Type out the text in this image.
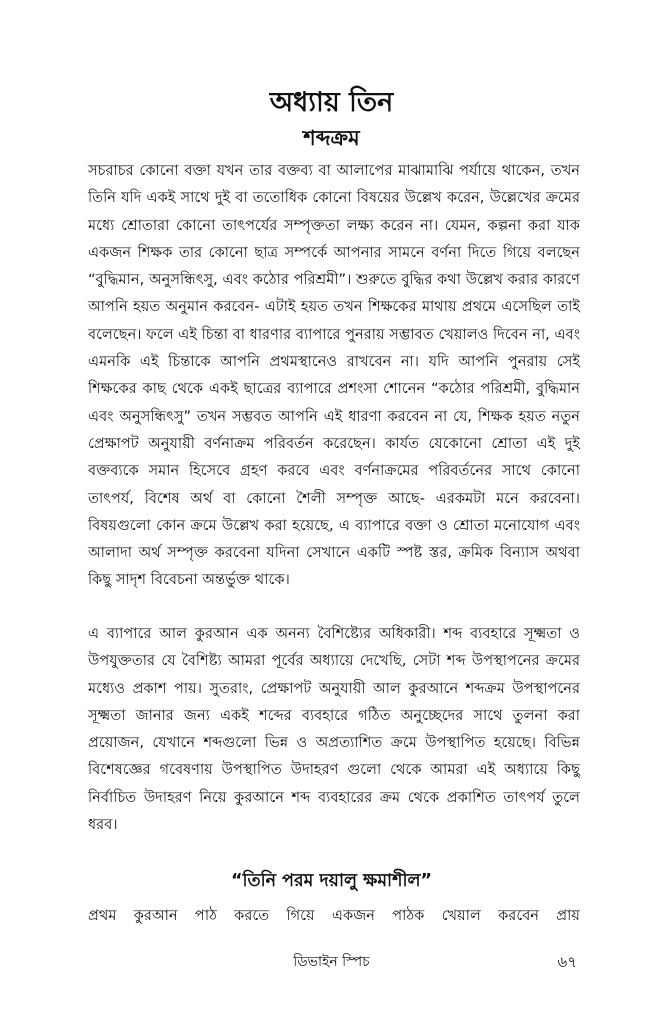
অধ্যায় তিন
শব্দক্রম

সচরাচর কোনো বক্তা যখন তার বক্তব্য বা আলাপের মাঝামাঝি পর্যায়ে থাকেন, তখন তিনি যদি একই সাথে দুই বা ততোধিক কোনো বিষয়ের উল্লেখ করেন, উল্লেখের ক্রমের মধ্যে শ্রোতারা কোনো তাৎপর্যের সম্পৃক্ততা লক্ষ্য করেন না। যেমন, কল্পনা করা যাক একজন শিক্ষক তার কোনো ছাত্র সম্পর্কে আপনার সামনে বর্ণনা দিতে গিয়ে বলছেন “বুদ্ধিমান, অনুসন্ধিৎসু, এবং কঠোর পরিশ্রমী”। শুরুতে বুদ্ধির কথা উল্লেখ করার কারণে আপনি হয়ত অনুমান করবেন- এটাই হয়ত তখন শিক্ষকের মাথায় প্রথমে এসেছিল তাই বলেছেন। ফলে এই চিন্তা বা ধারণার ব্যাপারে পুনরায় সম্ভাবত খেয়ালও দিবেন না, এবং এমনকি এই চিন্তাকে আপনি প্রথমস্থানেও রাখবেন না। যদি আপনি পুনরায় সেই শিক্ষকের কাছ থেকে একই ছাত্রের ব্যাপারে প্রশংসা শোনেন “কঠোর পরিশ্রমী, বুদ্ধিমান এবং অনুসন্ধিৎসু” তখন সম্ভবত আপনি এই ধারণা করবেন না যে, শিক্ষক হয়ত নতুন প্রেক্ষাপট অনুযায়ী বর্ণনাক্রম পরিবর্তন করেছেন। কার্যত যেকোনো শ্রোতা এই দুই বক্তব্যকে সমান হিসেবে গ্রহণ করবে এবং বর্ণনাক্রমের পরিবর্তনের সাথে কোনো তাৎপর্য, বিশেষ অর্থ বা কোনো শৈলী সম্পৃক্ত আছে- এরকমটা মনে করবেনা। বিষয়গুলো কোন ক্রমে উল্লেখ করা হয়েছে, এ ব্যাপারে বক্তা ও শ্রোতা মনোযোগ এবং আলাদা অর্থ সম্পৃক্ত করবেনা যদিনা সেখানে একটি স্পষ্ট স্তর, ক্রমিক বিন্যাস অথবা কিছু সাদৃশ বিবেচনা অন্তর্ভুক্ত থাকে।

এ ব্যাপারে আল কুরআন এক অনন্য বৈশিষ্ট্যের অধিকারী। শব্দ ব্যবহারে সূক্ষ্মতা ও উপযুক্ততার যে বৈশিষ্ট্য আমরা পূর্বের অধ্যায়ে দেখেছি, সেটা শব্দ উপস্থাপনের ক্রমের মধ্যেও প্রকাশ পায়। সুতরাং, প্রেক্ষাপট অনুযায়ী আল কুরআনে শব্দক্রম উপস্থাপনের সূক্ষ্মতা জানার জন্য একই শব্দের ব্যবহারে গঠিত অনুচ্ছেদের সাথে তুলনা করা প্রয়োজন, যেখানে শব্দগুলো ভিন্ন ও অপ্রত্যাশিত ক্রমে উপস্থাপিত হয়েছে। বিভিন্ন বিশেষজ্ঞের গবেষণায় উপস্থাপিত উদাহরণ গুলো থেকে আমরা এই অধ্যায়ে কিছু নির্বাচিত উদাহরণ নিয়ে কুরআনে শব্দ ব্যবহারের ক্রম থেকে প্রকাশিত তাৎপর্য তুলে ধরব।

“তিনি পরম দয়ালু ক্ষমাশীল”

প্রথম কুরআন পাঠ করতে গিয়ে একজন পাঠক খেয়াল করবেন প্রায়

ডিভাইন স্পিচ	৬৭
